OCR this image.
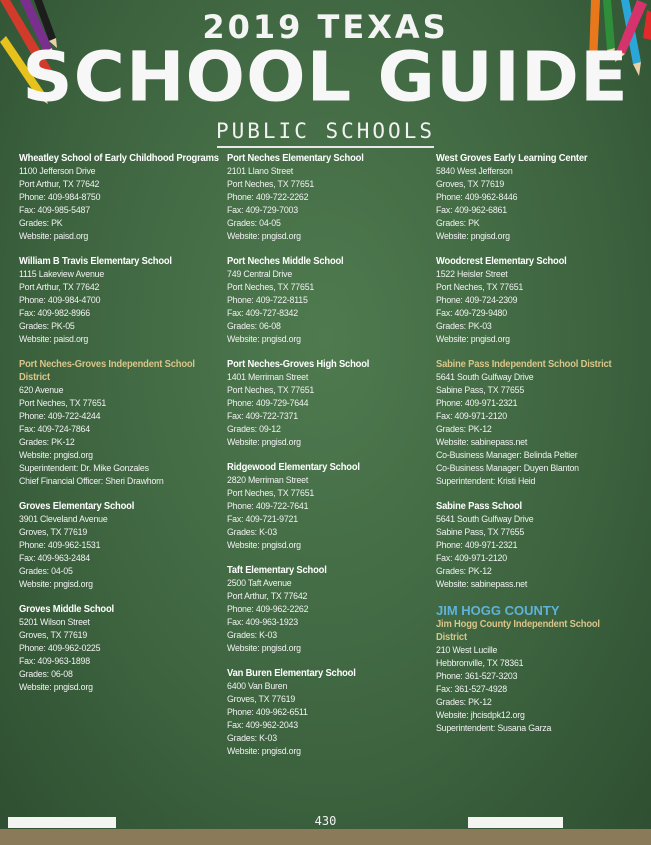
2019 TEXAS
SCHOOL GUIDE
PUBLIC SCHOOLS
Wheatley School of Early Childhood Programs
1100 Jefferson Drive
Port Arthur, TX 77642
Phone: 409-984-8750
Fax: 409-985-5487
Grades: PK
Website: paisd.org
William B Travis Elementary School
1115 Lakeview Avenue
Port Arthur, TX 77642
Phone: 409-984-4700
Fax: 409-982-8966
Grades: PK-05
Website: paisd.org
Port Neches-Groves Independent School District
620 Avenue
Port Neches, TX 77651
Phone: 409-722-4244
Fax: 409-724-7864
Grades: PK-12
Website: pngisd.org
Superintendent: Dr. Mike Gonzales
Chief Financial Officer: Sheri Drawhorn
Groves Elementary School
3901 Cleveland Avenue
Groves, TX 77619
Phone: 409-962-1531
Fax: 409-963-2484
Grades: 04-05
Website: pngisd.org
Groves Middle School
5201 Wilson Street
Groves, TX 77619
Phone: 409-962-0225
Fax: 409-963-1898
Grades: 06-08
Website: pngisd.org
Port Neches Elementary School
2101 Llano Street
Port Neches, TX 77651
Phone: 409-722-2262
Fax: 409-729-7003
Grades: 04-05
Website: pngisd.org
Port Neches Middle School
749 Central Drive
Port Neches, TX 77651
Phone: 409-722-8115
Fax: 409-727-8342
Grades: 06-08
Website: pngisd.org
Port Neches-Groves High School
1401 Merriman Street
Port Neches, TX 77651
Phone: 409-729-7644
Fax: 409-722-7371
Grades: 09-12
Website: pngisd.org
Ridgewood Elementary School
2820 Merriman Street
Port Neches, TX 77651
Phone: 409-722-7641
Fax: 409-721-9721
Grades: K-03
Website: pngisd.org
Taft Elementary School
2500 Taft Avenue
Port Arthur, TX 77642
Phone: 409-962-2262
Fax: 409-963-1923
Grades: K-03
Website: pngisd.org
Van Buren Elementary School
6400 Van Buren
Groves, TX 77619
Phone: 409-962-6511
Fax: 409-962-2043
Grades: K-03
Website: pngisd.org
West Groves Early Learning Center
5840 West Jefferson
Groves, TX 77619
Phone: 409-962-8446
Fax: 409-962-6861
Grades: PK
Website: pngisd.org
Woodcrest Elementary School
1522 Heisler Street
Port Neches, TX 77651
Phone: 409-724-2309
Fax: 409-729-9480
Grades: PK-03
Website: pngisd.org
Sabine Pass Independent School District
5641 South Gulfway Drive
Sabine Pass, TX 77655
Phone: 409-971-2321
Fax: 409-971-2120
Grades: PK-12
Website: sabinepass.net
Co-Business Manager: Belinda Peltier
Co-Business Manager: Duyen Blanton
Superintendent: Kristi Heid
Sabine Pass School
5641 South Gulfway Drive
Sabine Pass, TX 77655
Phone: 409-971-2321
Fax: 409-971-2120
Grades: PK-12
Website: sabinepass.net
JIM HOGG COUNTY
Jim Hogg County Independent School District
210 West Lucille
Hebbronville, TX 78361
Phone: 361-527-3203
Fax: 361-527-4928
Grades: PK-12
Website: jhcisdpk12.org
Superintendent: Susana Garza
430
